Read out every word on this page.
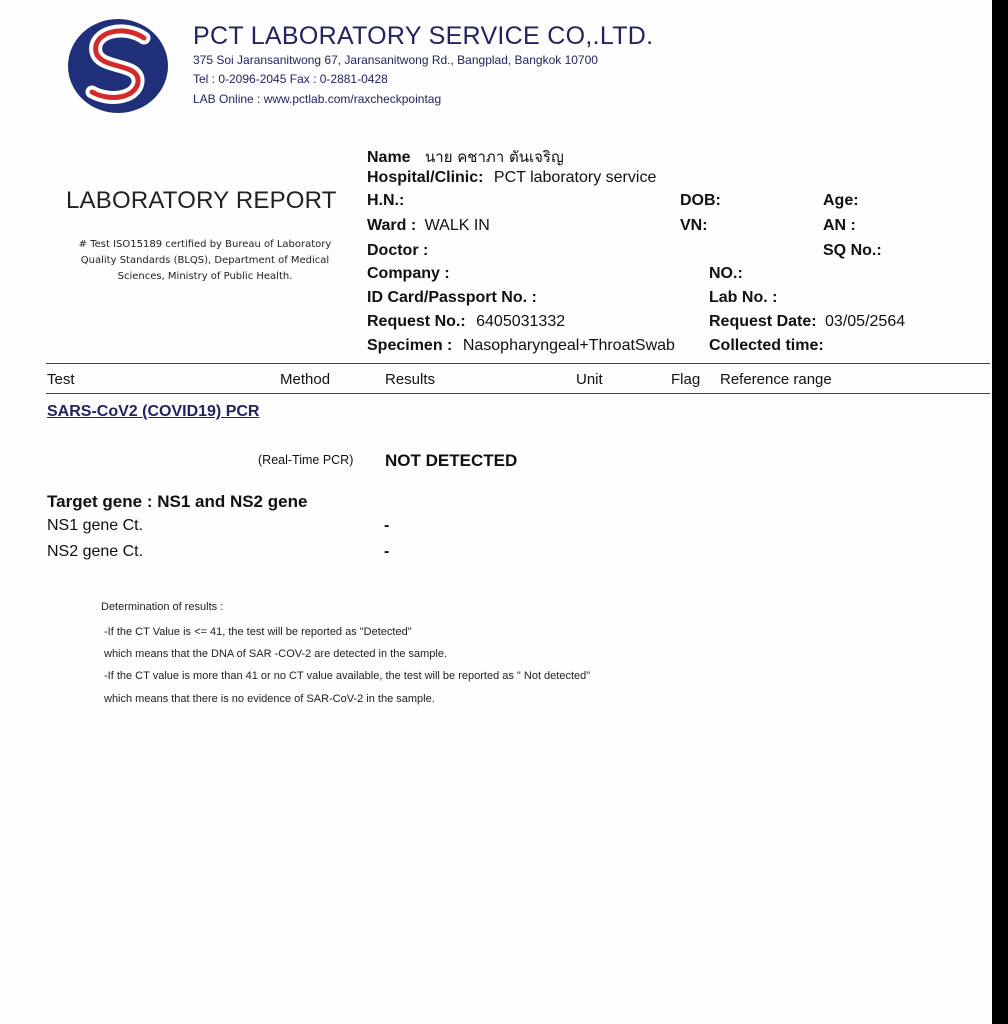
PCT LABORATORY SERVICE CO,.LTD.
375 Soi Jaransanitwong 67, Jaransanitwong Rd., Bangplad, Bangkok 10700
Tel : 0-2096-2045 Fax : 0-2881-0428
LAB Online : www.pctlab.com/raxcheckpointag
LABORATORY REPORT
# Test ISO15189 certified by Bureau of Laboratory Quality Standards (BLQS), Department of Medical Sciences, Ministry of Public Health.
Name นาย คชาภา ตันเจริญ
Hospital/Clinic: PCT laboratory service
H.N.:	DOB:	Age:
Ward : WALK IN	VN:	AN :
Doctor :	SQ No.:
Company :	NO.:
ID Card/Passport No. :	Lab No. :
Request No.: 6405031332	Request Date: 03/05/2564
Specimen : Nasopharyngeal+ThroatSwab Collected time:
Test	Method	Results	Unit	Flag Reference range
SARS-CoV2 (COVID19) PCR
(Real-Time PCR) NOT DETECTED
Target gene : NS1 and NS2 gene
NS1 gene Ct.	-
NS2 gene Ct.	-
Determination of results :
-If the CT Value is <= 41, the test will be reported as "Detected"
which means that the DNA of SAR -COV-2 are detected in the sample.
-If the CT value is more than 41 or no CT value available, the test will be reported as " Not detected"
which means that there is no evidence of SAR-CoV-2 in the sample.
